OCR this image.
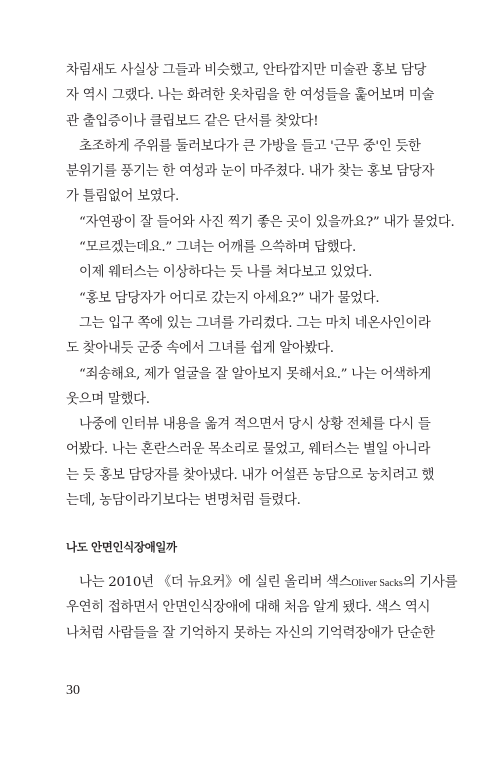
차림새도 사실상 그들과 비슷했고, 안타깝지만 미술관 홍보 담당
자 역시 그랬다. 나는 화려한 옷차림을 한 여성들을 훑어보며 미술
관 출입증이나 클립보드 같은 단서를 찾았다!
초조하게 주위를 둘러보다가 큰 가방을 들고 '근무 중'인 듯한
분위기를 풍기는 한 여성과 눈이 마주쳤다. 내가 찾는 홍보 담당자
가 틀림없어 보였다.
“자연광이 잘 들어와 사진 찍기 좋은 곳이 있을까요?” 내가 물었다.
“모르겠는데요.” 그녀는 어깨를 으쓱하며 답했다.
이제 웨터스는 이상하다는 듯 나를 쳐다보고 있었다.
“홍보 담당자가 어디로 갔는지 아세요?” 내가 물었다.
그는 입구 쪽에 있는 그녀를 가리켰다. 그는 마치 네온사인이라
도 찾아내듯 군중 속에서 그녀를 쉽게 알아봤다.
“죄송해요, 제가 얼굴을 잘 알아보지 못해서요.” 나는 어색하게
웃으며 말했다.
나중에 인터뷰 내용을 옮겨 적으면서 당시 상황 전체를 다시 들
어봤다. 나는 혼란스러운 목소리로 물었고, 웨터스는 별일 아니라
는 듯 홍보 담당자를 찾아냈다. 내가 어설픈 농담으로 눙치려고 했
는데, 농담이라기보다는 변명처럼 들렸다.
나도 안면인식장애일까
나는 2010년 《더 뉴요커》에 실린 올리버 색스Oliver Sacks의 기사를
우연히 접하면서 안면인식장애에 대해 처음 알게 됐다. 색스 역시
나처럼 사람들을 잘 기억하지 못하는 자신의 기억력장애가 단순한
30
